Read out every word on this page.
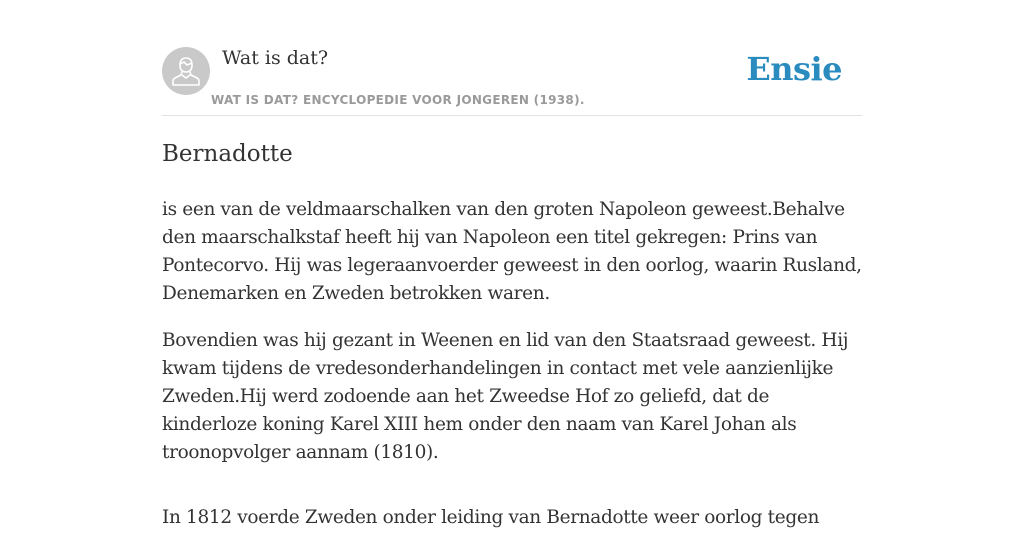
Wat is dat?
WAT IS DAT? ENCYCLOPEDIE VOOR JONGEREN (1938).
Ensie
Bernadotte

is een van de veldmaarschalken van den groten Napoleon geweest.Behalve den maarschalkstaf heeft hij van Napoleon een titel gekregen: Prins van Pontecorvo. Hij was legeraanvoerder geweest in den oorlog, waarin Rusland, Denemarken en Zweden betrokken waren.

Bovendien was hij gezant in Weenen en lid van den Staatsraad geweest. Hij kwam tijdens de vredesonderhandelingen in contact met vele aanzienlijke Zweden.Hij werd zodoende aan het Zweedse Hof zo geliefd, dat de kinderloze koning Karel XIII hem onder den naam van Karel Johan als troonopvolger aannam (1810).

In 1812 voerde Zweden onder leiding van Bernadotte weer oorlog tegen
